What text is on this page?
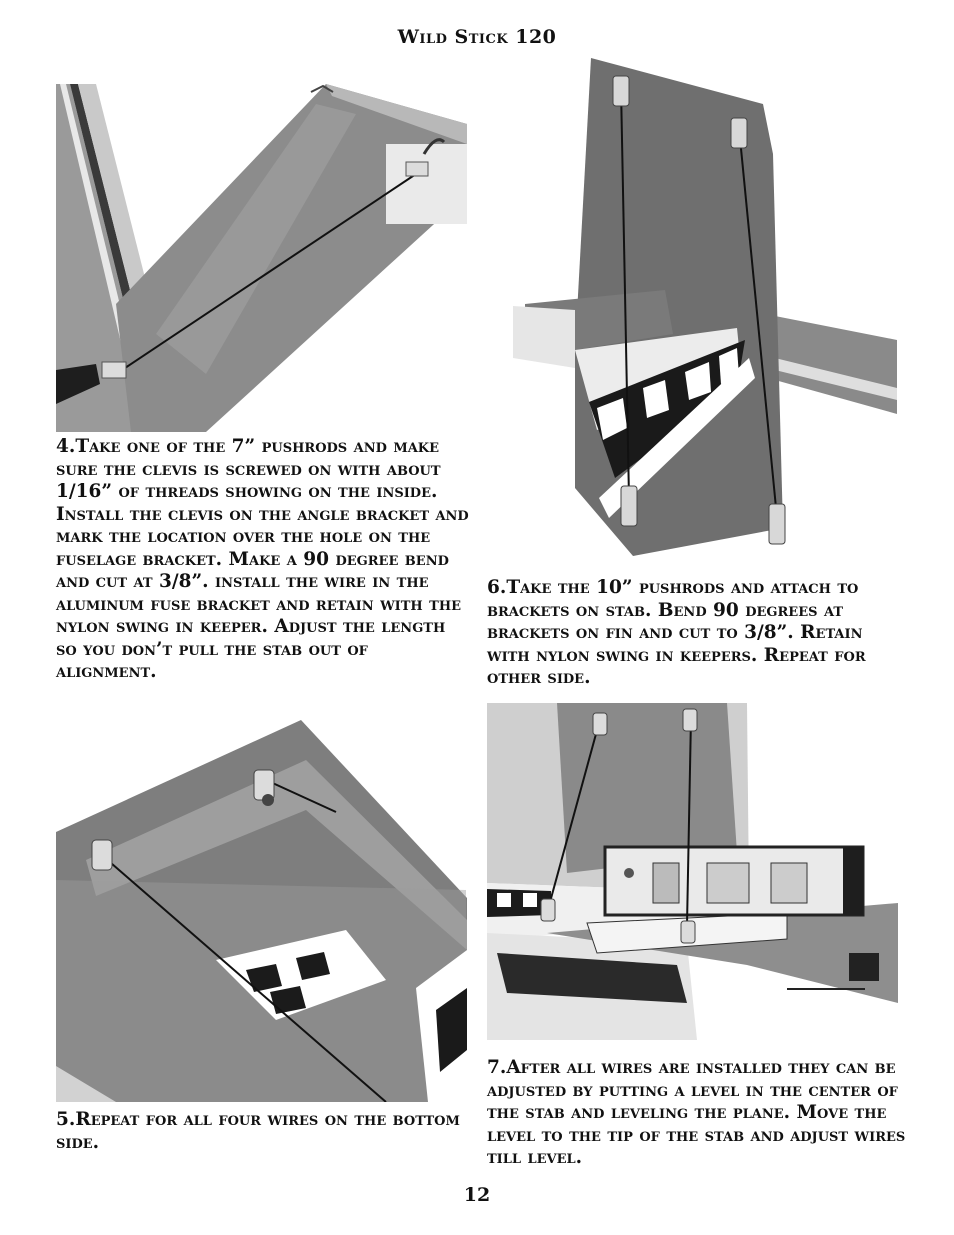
Wild Stick 120

4.Take one of the 7” pushrods and make sure the clevis is screwed on with about 1/16” of threads showing on the inside. Install the clevis on the angle bracket and mark the location over the hole on the fuselage bracket. Make a 90 degree bend and cut at 3/8”. install the wire in the aluminum fuse bracket and retain with the nylon swing in keeper. Adjust the length so you don’t pull the stab out of alignment.

6.Take the 10” pushrods and attach to brackets on stab. Bend 90 degrees at brackets on fin and cut to 3/8”. Retain with nylon swing in keepers. Repeat for other side.

5.Repeat for all four wires on the bottom side.

7.After all wires are installed they can be adjusted by putting a level in the center of the stab and leveling the plane. Move the level to the tip of the stab and adjust wires till level.

12
